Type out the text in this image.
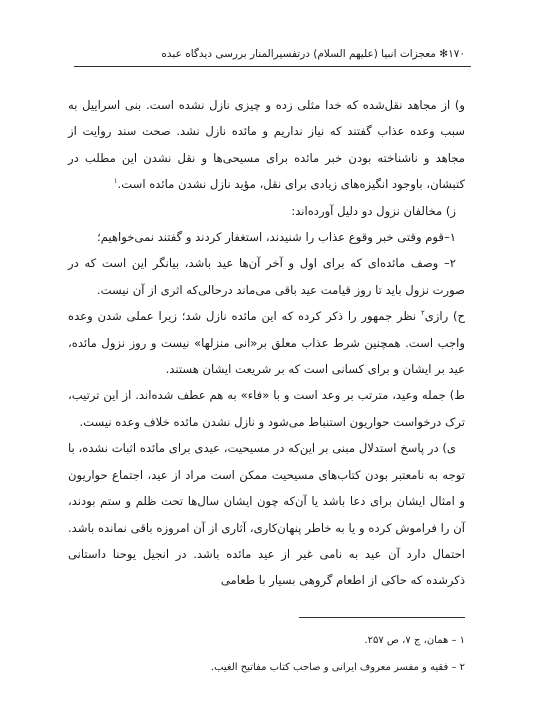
۱۷۰✻ معجزات انبیا (علیهم السلام) درتفسیرالمنار بررسی دیدگاه عبده

و) از مجاهد نقل‌شده که خدا مثلی زده و چیزی نازل نشده است. بنی اسرایيل به سبب وعده عذاب گفتند که نیاز نداریم و مائده نازل نشد. صحت سند روایت از مجاهد و ناشناخته بودن خبر مائده برای مسیحی‌ها و نقل نشدن این مطلب در کتبشان، باوجود انگیزه‌های زیادی برای نقل، مؤید نازل نشدن مائده است.$^۱$

ز) مخالفان نزول دو دلیل آورده‌اند:

۱–قوم وقتی خبر وقوع عذاب را شنیدند، استغفار کردند و گفتند نمی‌خواهیم؛

۲– وصف مائده‌ای که برای اول و آخر آن‌ها عید باشد، بیانگر این است که در صورت نزول باید تا روز قیامت عید باقی می‌ماند درحالی‌که اثری از آن نیست.

ح) رازی$^۲$ نظر جمهور را ذکر کرده که این مائده نازل شد؛ زیرا عملی شدن وعده واجب است. همچنین شرط عذاب معلق بر«انی منزلها» نیست و روز نزول مائده، عید بر ایشان و برای کسانی است که بر شریعت ایشان هستند.

ط) جمله وعید، مترتب بر وعد است و با «فاء» به هم عطف شده‌اند. از این ترتیب، ترک درخواست حواریون استنباط می‌شود و نازل نشدن مائده خلاف وعده نیست.

ی) در پاسخ استدلال مبنی بر این‌که در مسیحیت، عیدی برای مائده اثبات نشده، با توجه به نامعتبر بودن کتاب‌های مسیحیت ممکن است مراد از عید، اجتماع حواریون و امثال ایشان برای دعا باشد یا آن‌که چون ایشان سال‌ها تحت ظلم و ستم بودند، آن را فراموش کرده و یا به خاطر پنهان‌کاری، آثاری از آن امروزه باقی نمانده باشد. احتمال دارد آن عید به نامی غیر از عید مائده باشد. در انجیل یوحنا داستانی ذکرشده که حاکی از اطعام گروهی بسیار با طعامی

۱ – همان، ج ۷، ص ۲۵۷.
۲ – فقیه و مفسر معروف ایرانی و صاحب کتاب مفاتیح الغیب.
